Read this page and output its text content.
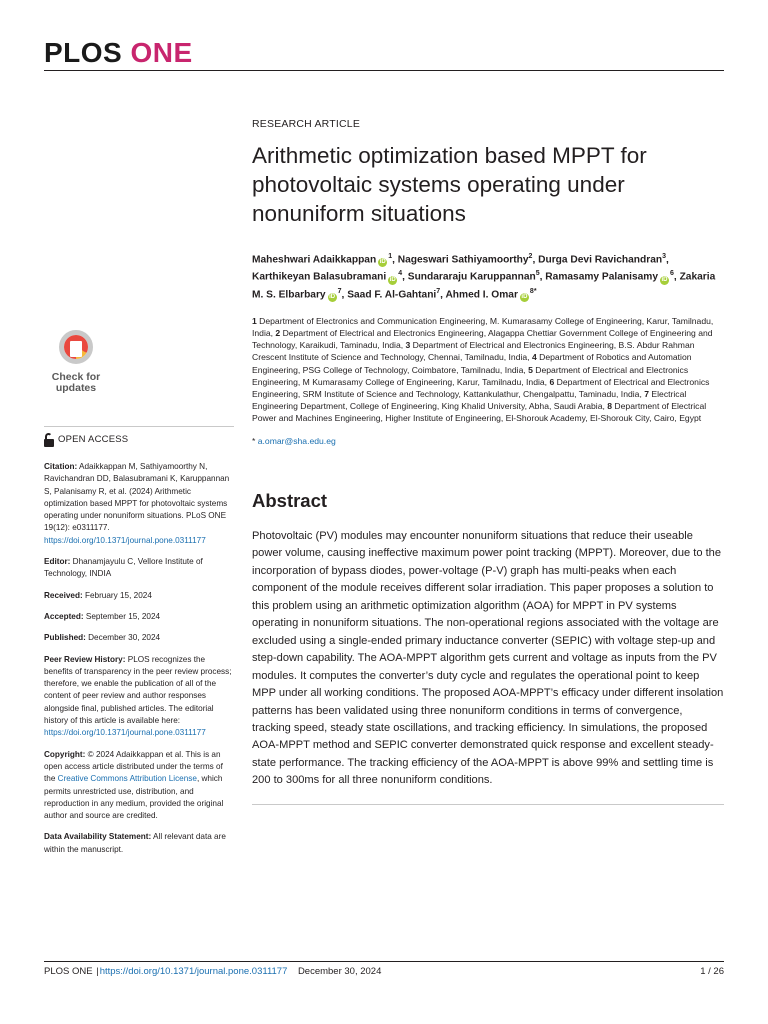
PLOS ONE
Check for
updates
OPEN ACCESS
Citation: Adaikkappan M, Sathiyamoorthy N, Ravichandran DD, Balasubramani K, Karuppannan S, Palanisamy R, et al. (2024) Arithmetic optimization based MPPT for photovoltaic systems operating under nonuniform situations. PLoS ONE 19(12): e0311177. https://doi.org/10.1371/journal.pone.0311177
Editor: Dhanamjayulu C, Vellore Institute of Technology, INDIA
Received: February 15, 2024
Accepted: September 15, 2024
Published: December 30, 2024
Peer Review History: PLOS recognizes the benefits of transparency in the peer review process; therefore, we enable the publication of all of the content of peer review and author responses alongside final, published articles. The editorial history of this article is available here: https://doi.org/10.1371/journal.pone.0311177
Copyright: © 2024 Adaikkappan et al. This is an open access article distributed under the terms of the Creative Commons Attribution License, which permits unrestricted use, distribution, and reproduction in any medium, provided the original author and source are credited.
Data Availability Statement: All relevant data are within the manuscript.
RESEARCH ARTICLE
Arithmetic optimization based MPPT for photovoltaic systems operating under nonuniform situations
Maheshwari Adaikkappan $iD^1$, Nageswari Sathiyamoorthy$^2$, Durga Devi Ravichandran$^3$, Karthikeyan Balasubramani $iD^4$, Sundararaju Karuppannan$^5$, Ramasamy Palanisamy $iD^6$, Zakaria M. S. Elbarbary $iD^7$, Saad F. Al-Gahtani$^7$, Ahmed I. Omar $iD^{8*}$
1 Department of Electronics and Communication Engineering, M. Kumarasamy College of Engineering, Karur, Tamilnadu, India, 2 Department of Electrical and Electronics Engineering, Alagappa Chettiar Government College of Engineering and Technology, Karaikudi, Taminadu, India, 3 Department of Electrical and Electronics Engineering, B.S. Abdur Rahman Crescent Institute of Science and Technology, Chennai, Tamilnadu, India, 4 Department of Robotics and Automation Engineering, PSG College of Technology, Coimbatore, Tamilnadu, India, 5 Department of Electrical and Electronics Engineering, M Kumarasamy College of Engineering, Karur, Tamilnadu, India, 6 Department of Electrical and Electronics Engineering, SRM Institute of Science and Technology, Kattankulathur, Chengalpattu, Taminadu, India, 7 Electrical Engineering Department, College of Engineering, King Khalid University, Abha, Saudi Arabia, 8 Department of Electrical Power and Machines Engineering, Higher Institute of Engineering, El-Shorouk Academy, El-Shorouk City, Cairo, Egypt
* a.omar@sha.edu.eg
Abstract

Photovoltaic (PV) modules may encounter nonuniform situations that reduce their useable power volume, causing ineffective maximum power point tracking (MPPT). Moreover, due to the incorporation of bypass diodes, power-voltage (P-V) graph has multi-peaks when each component of the module receives different solar irradiation. This paper proposes a solution to this problem using an arithmetic optimization algorithm (AOA) for MPPT in PV systems operating in nonuniform situations. The non-operational regions associated with the voltage are excluded using a single-ended primary inductance converter (SEPIC) with voltage step-up and step-down capability. The AOA-MPPT algorithm gets current and voltage as inputs from the PV modules. It computes the converter’s duty cycle and regulates the operational point to keep MPP under all working conditions. The proposed AOA-MPPT’s efficacy under different insolation patterns has been validated using three nonuniform conditions in terms of convergence, tracking speed, steady state oscillations, and tracking efficiency. In simulations, the proposed AOA-MPPT method and SEPIC converter demonstrated quick response and excellent steady-state performance. The tracking efficiency of the AOA-MPPT is above 99% and settling time is 200 to 300ms for all three nonuniform conditions.

PLOS ONE |https://doi.org/10.1371/journal.pone.0311177 December 30, 2024	1 / 26
